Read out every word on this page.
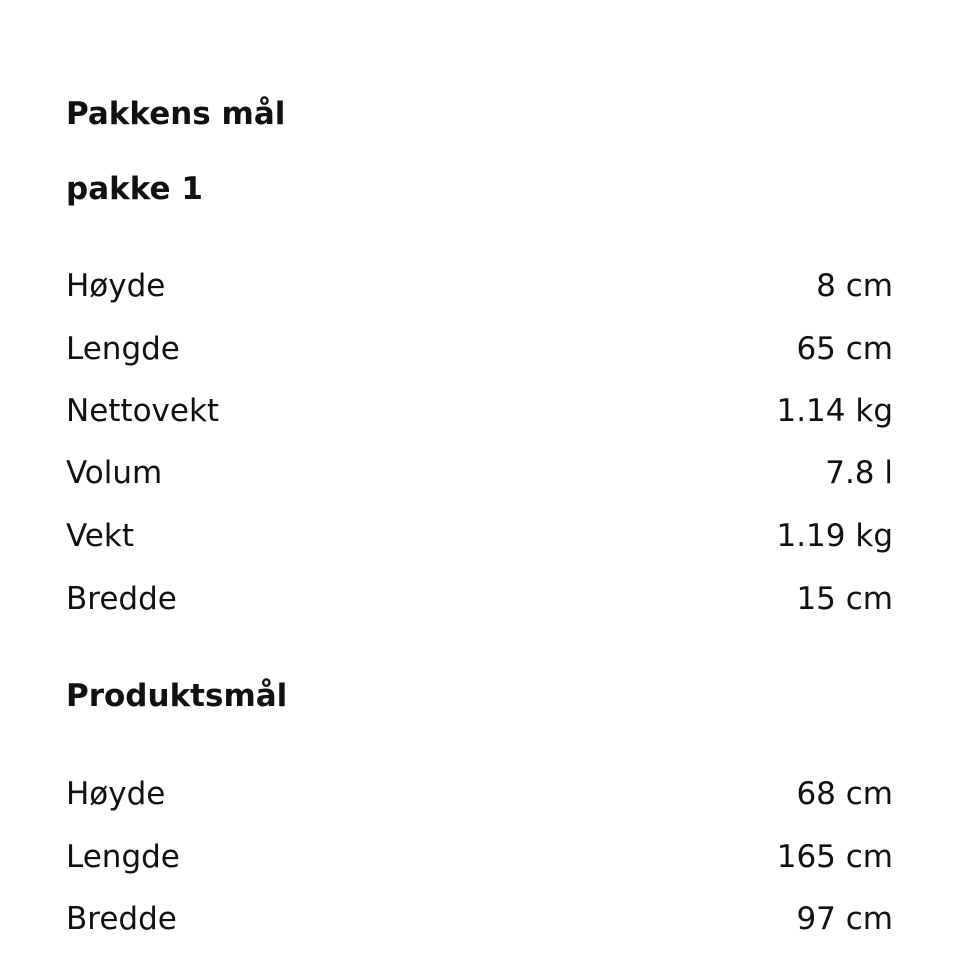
Pakkens mål
pakke 1
Høyde	8 cm
Lengde	65 cm
Nettovekt	1.14 kg
Volum	7.8 l
Vekt	1.19 kg
Bredde	15 cm
Produktsmål
Høyde	68 cm
Lengde	165 cm
Bredde	97 cm
